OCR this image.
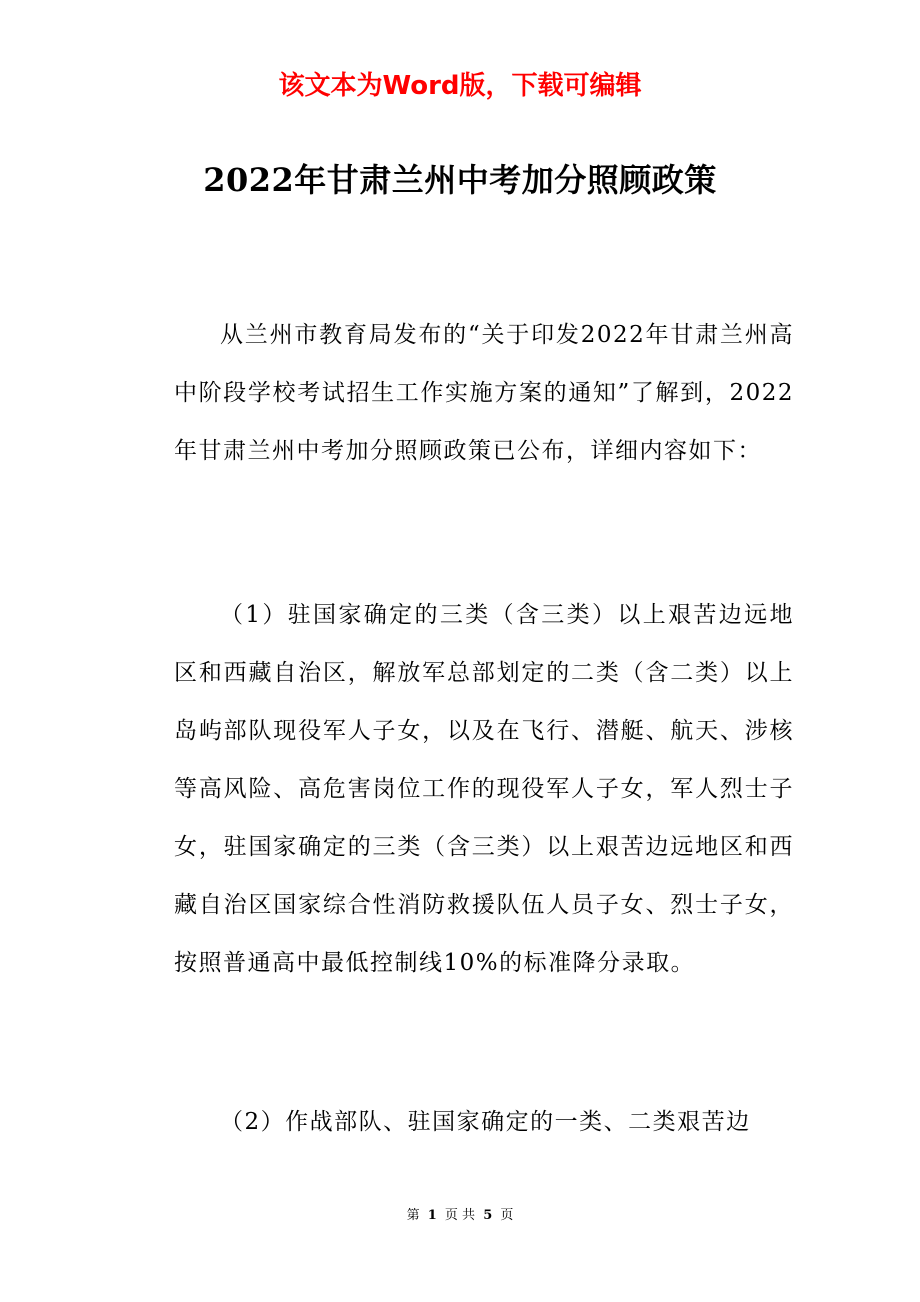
该文本为Word版，下载可编辑
2022年甘肃兰州中考加分照顾政策
从兰州市教育局发布的“关于印发2022年甘肃兰州高中阶段学校考试招生工作实施方案的通知”了解到，2022年甘肃兰州中考加分照顾政策已公布，详细内容如下：
（1）驻国家确定的三类（含三类）以上艰苦边远地区和西藏自治区，解放军总部划定的二类（含二类）以上岛屿部队现役军人子女，以及在飞行、潜艇、航天、涉核等高风险、高危害岗位工作的现役军人子女，军人烈士子女，驻国家确定的三类（含三类）以上艰苦边远地区和西藏自治区国家综合性消防救援队伍人员子女、烈士子女，按照普通高中最低控制线10%的标准降分录取。
（2）作战部队、驻国家确定的一类、二类艰苦边
第 1 页 共 5 页
